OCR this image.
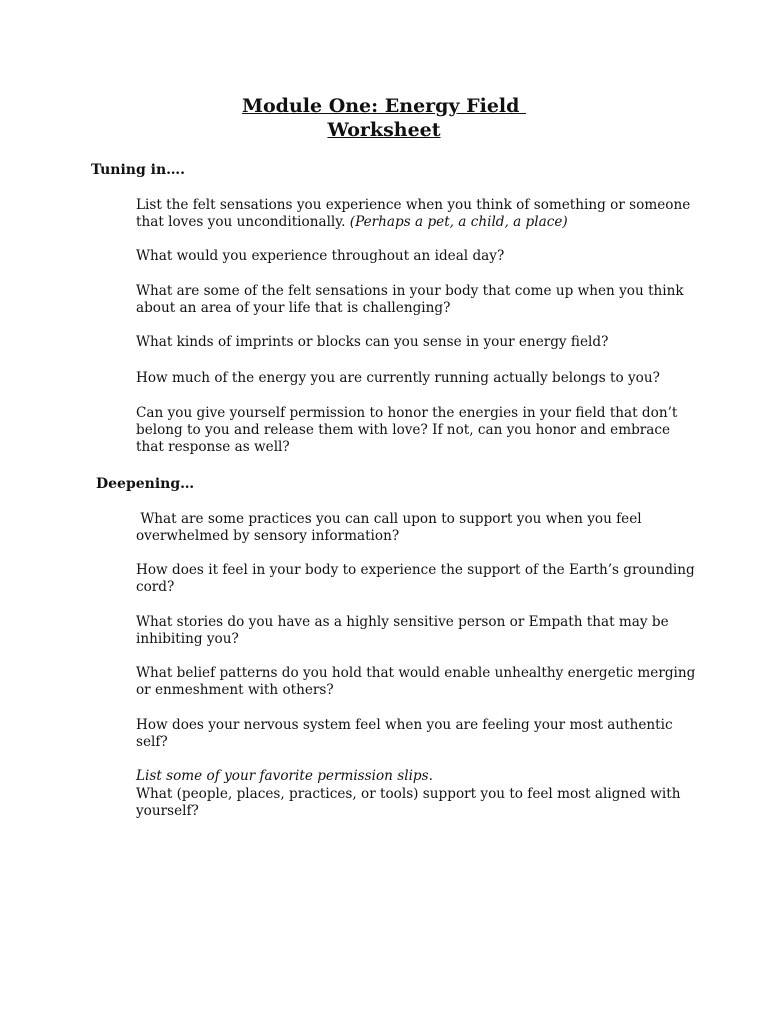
Module One: Energy Field
Worksheet
Tuning in….
List the felt sensations you experience when you think of something or someone that loves you unconditionally. (Perhaps a pet, a child, a place)
What would you experience throughout an ideal day?
What are some of the felt sensations in your body that come up when you think about an area of your life that is challenging?
What kinds of imprints or blocks can you sense in your energy field?
How much of the energy you are currently running actually belongs to you?
Can you give yourself permission to honor the energies in your field that don’t belong to you and release them with love? If not, can you honor and embrace that response as well?
Deepening…
What are some practices you can call upon to support you when you feel overwhelmed by sensory information?
How does it feel in your body to experience the support of the Earth’s grounding cord?
What stories do you have as a highly sensitive person or Empath that may be inhibiting you?
What belief patterns do you hold that would enable unhealthy energetic merging or enmeshment with others?
How does your nervous system feel when you are feeling your most authentic self?
List some of your favorite permission slips.
What (people, places, practices, or tools) support you to feel most aligned with yourself?
